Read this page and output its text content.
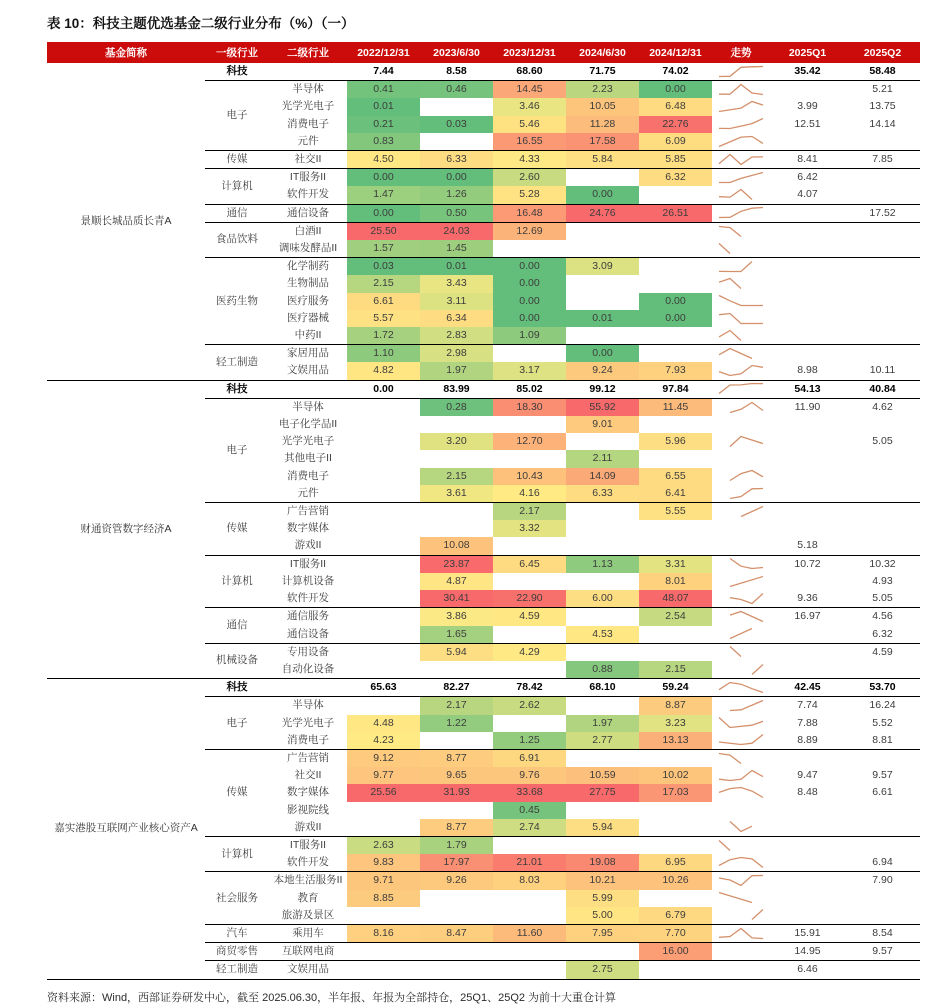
表 10：科技主题优选基金二级行业分布（%）（一）
基金简称	一级行业	二级行业	2022/12/31	2023/6/30	2023/12/31	2024/6/30	2024/12/31	走势	2025Q1	2025Q2
景顺长城品质长青A	科技		7.44	8.58	68.60	71.75	74.02		35.42	58.48
	电子	半导体	0.41	0.46	14.45	2.23	0.00			5.21
		光学光电子	0.01		3.46	10.05	6.48		3.99	13.75
		消费电子	0.21	0.03	5.46	11.28	22.76		12.51	14.14
		元件	0.83		16.55	17.58	6.09			
	传媒	社交II	4.50	6.33	4.33	5.84	5.85		8.41	7.85
	计算机	IT服务II	0.00	0.00	2.60		6.32		6.42	
		软件开发	1.47	1.26	5.28	0.00			4.07	
	通信	通信设备	0.00	0.50	16.48	24.76	26.51			17.52
	食品饮料	白酒II	25.50	24.03	12.69					
		调味发酵品II	1.57	1.45						
	医药生物	化学制药	0.03	0.01	0.00	3.09				
		生物制品	2.15	3.43	0.00					
		医疗服务	6.61	3.11	0.00		0.00			
		医疗器械	5.57	6.34	0.00	0.01	0.00			
		中药II	1.72	2.83	1.09					
	轻工制造	家居用品	1.10	2.98		0.00				
		文娱用品	4.82	1.97	3.17	9.24	7.93		8.98	10.11
财通资管数字经济A	科技		0.00	83.99	85.02	99.12	97.84		54.13	40.84
	电子	半导体		0.28	18.30	55.92	11.45		11.90	4.62
		电子化学品II				9.01				
		光学光电子		3.20	12.70		5.96			5.05
		其他电子II				2.11				
		消费电子		2.15	10.43	14.09	6.55			
		元件		3.61	4.16	6.33	6.41			
	传媒	广告营销			2.17		5.55			
		数字媒体			3.32					
		游戏II		10.08					5.18	
	计算机	IT服务II		23.87	6.45	1.13	3.31		10.72	10.32
		计算机设备		4.87			8.01			4.93
		软件开发		30.41	22.90	6.00	48.07		9.36	5.05
	通信	通信服务		3.86	4.59		2.54		16.97	4.56
		通信设备		1.65		4.53				6.32
	机械设备	专用设备		5.94	4.29					4.59
		自动化设备				0.88	2.15			
嘉实港股互联网产业核心资产A	科技		65.63	82.27	78.42	68.10	59.24		42.45	53.70
	电子	半导体		2.17	2.62		8.87		7.74	16.24
		光学光电子	4.48	1.22		1.97	3.23		7.88	5.52
		消费电子	4.23		1.25	2.77	13.13		8.89	8.81
	传媒	广告营销	9.12	8.77	6.91					
		社交II	9.77	9.65	9.76	10.59	10.02		9.47	9.57
		数字媒体	25.56	31.93	33.68	27.75	17.03		8.48	6.61
		影视院线			0.45					
		游戏II		8.77	2.74	5.94				
	计算机	IT服务II	2.63	1.79						
		软件开发	9.83	17.97	21.01	19.08	6.95			6.94
	社会服务	本地生活服务II	9.71	9.26	8.03	10.21	10.26			7.90
		教育	8.85			5.99				
		旅游及景区				5.00	6.79			
	汽车	乘用车	8.16	8.47	11.60	7.95	7.70		15.91	8.54
	商贸零售	互联网电商					16.00		14.95	9.57
	轻工制造	文娱用品				2.75			6.46	
资料来源：Wind，西部证券研发中心，截至 2025.06.30，半年报、年报为全部持仓，25Q1、25Q2 为前十大重仓计算
